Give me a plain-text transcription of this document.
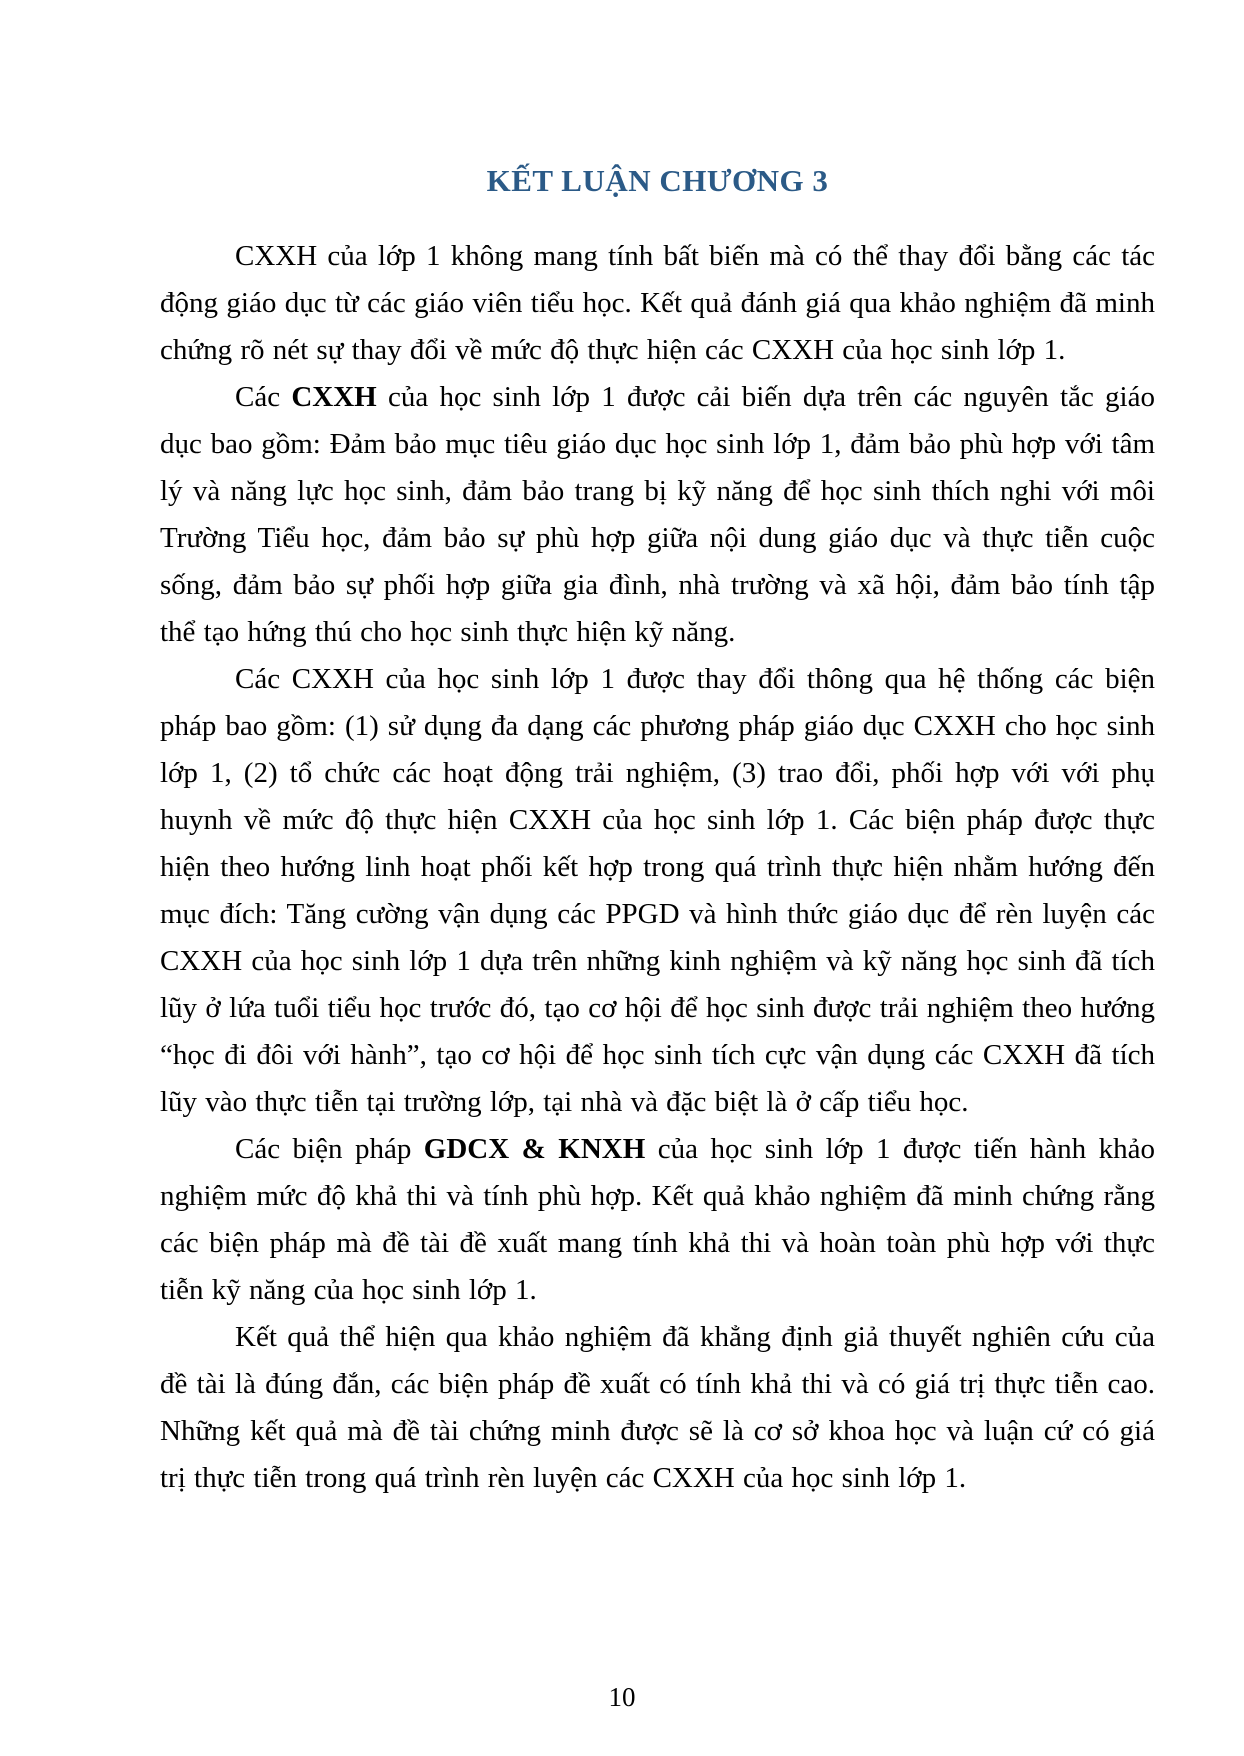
KẾT LUẬN CHƯƠNG 3

CXXH của lớp 1 không mang tính bất biến mà có thể thay đổi bằng các tác động giáo dục từ các giáo viên tiểu học. Kết quả đánh giá qua khảo nghiệm đã minh chứng rõ nét sự thay đổi về mức độ thực hiện các CXXH của học sinh lớp 1.

Các CXXH của học sinh lớp 1 được cải biến dựa trên các nguyên tắc giáo dục bao gồm: Đảm bảo mục tiêu giáo dục học sinh lớp 1, đảm bảo phù hợp với tâm lý và năng lực học sinh, đảm bảo trang bị kỹ năng để học sinh thích nghi với môi Trường Tiểu học, đảm bảo sự phù hợp giữa nội dung giáo dục và thực tiễn cuộc sống, đảm bảo sự phối hợp giữa gia đình, nhà trường và xã hội, đảm bảo tính tập thể tạo hứng thú cho học sinh thực hiện kỹ năng.

Các CXXH của học sinh lớp 1 được thay đổi thông qua hệ thống các biện pháp bao gồm: (1) sử dụng đa dạng các phương pháp giáo dục CXXH cho học sinh lớp 1, (2) tổ chức các hoạt động trải nghiệm, (3) trao đổi, phối hợp với với phụ huynh về mức độ thực hiện CXXH của học sinh lớp 1. Các biện pháp được thực hiện theo hướng linh hoạt phối kết hợp trong quá trình thực hiện nhằm hướng đến mục đích: Tăng cường vận dụng các PPGD và hình thức giáo dục để rèn luyện các CXXH của học sinh lớp 1 dựa trên những kinh nghiệm và kỹ năng học sinh đã tích lũy ở lứa tuổi tiểu học trước đó, tạo cơ hội để học sinh được trải nghiệm theo hướng “học đi đôi với hành”, tạo cơ hội để học sinh tích cực vận dụng các CXXH đã tích lũy vào thực tiễn tại trường lớp, tại nhà và đặc biệt là ở cấp tiểu học.

Các biện pháp GDCX & KNXH của học sinh lớp 1 được tiến hành khảo nghiệm mức độ khả thi và tính phù hợp. Kết quả khảo nghiệm đã minh chứng rằng các biện pháp mà đề tài đề xuất mang tính khả thi và hoàn toàn phù hợp với thực tiễn kỹ năng của học sinh lớp 1.

Kết quả thể hiện qua khảo nghiệm đã khẳng định giả thuyết nghiên cứu của đề tài là đúng đắn, các biện pháp đề xuất có tính khả thi và có giá trị thực tiễn cao. Những kết quả mà đề tài chứng minh được sẽ là cơ sở khoa học và luận cứ có giá trị thực tiễn trong quá trình rèn luyện các CXXH của học sinh lớp 1.

10
